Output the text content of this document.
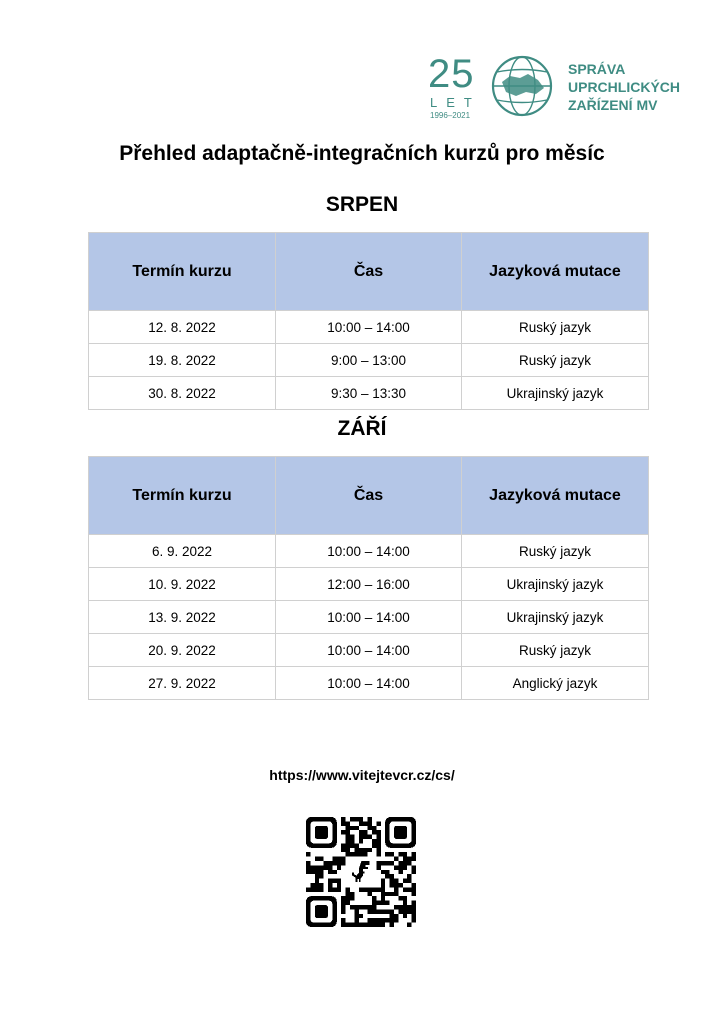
25
LET
1996–2021
SPRÁVA
UPRCHLICKÝCH
ZAŘÍZENÍ MV
Přehled adaptačně-integračních kurzů pro měsíc
SRPEN
Termín kurzu	Čas	Jazyková mutace
12. 8. 2022	10:00 – 14:00	Ruský jazyk
19. 8. 2022	9:00 – 13:00	Ruský jazyk
30. 8. 2022	9:30 – 13:30	Ukrajinský jazyk
ZÁŘÍ
Termín kurzu	Čas	Jazyková mutace
6. 9. 2022	10:00 – 14:00	Ruský jazyk
10. 9. 2022	12:00 – 16:00	Ukrajinský jazyk
13. 9. 2022	10:00 – 14:00	Ukrajinský jazyk
20. 9. 2022	10:00 – 14:00	Ruský jazyk
27. 9. 2022	10:00 – 14:00	Anglický jazyk
https://www.vitejtevcr.cz/cs/
